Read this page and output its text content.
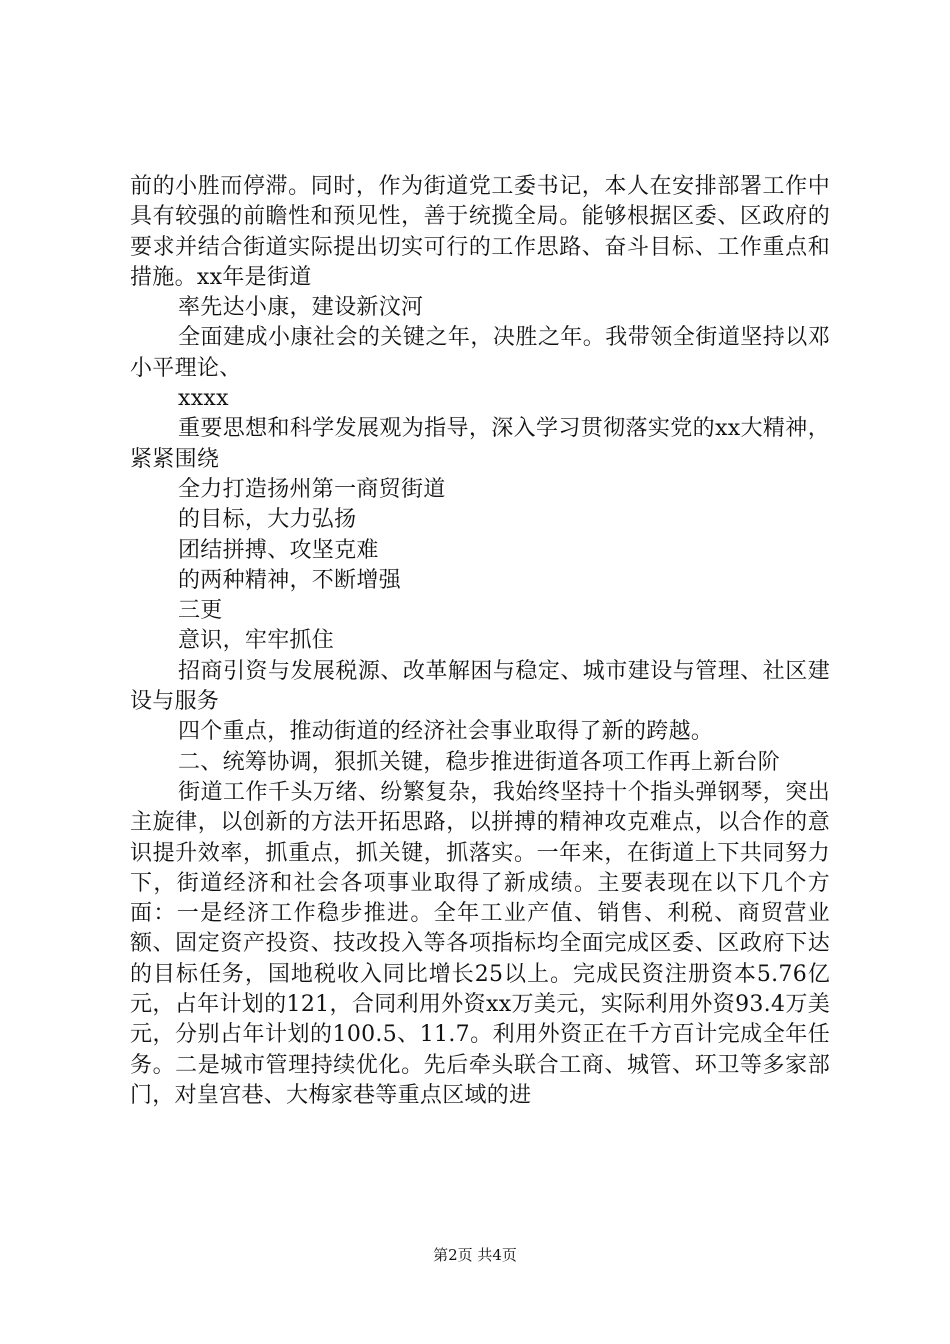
前的小胜而停滞。同时，作为街道党工委书记，本人在安排部署工作中具有较强的前瞻性和预见性，善于统揽全局。能够根据区委、区政府的要求并结合街道实际提出切实可行的工作思路、奋斗目标、工作重点和措施。xx年是街道

率先达小康，建设新汶河

全面建成小康社会的关键之年，决胜之年。我带领全街道坚持以邓小平理论、

xxxx

重要思想和科学发展观为指导，深入学习贯彻落实党的xx大精神，紧紧围绕

全力打造扬州第一商贸街道

的目标，大力弘扬

团结拼搏、攻坚克难

的两种精神，不断增强

三更

意识，牢牢抓住

招商引资与发展税源、改革解困与稳定、城市建设与管理、社区建设与服务

四个重点，推动街道的经济社会事业取得了新的跨越。

二、统筹协调，狠抓关键，稳步推进街道各项工作再上新台阶

街道工作千头万绪、纷繁复杂，我始终坚持十个指头弹钢琴，突出主旋律，以创新的方法开拓思路，以拼搏的精神攻克难点，以合作的意识提升效率，抓重点，抓关键，抓落实。一年来，在街道上下共同努力下，街道经济和社会各项事业取得了新成绩。主要表现在以下几个方面：一是经济工作稳步推进。全年工业产值、销售、利税、商贸营业额、固定资产投资、技改投入等各项指标均全面完成区委、区政府下达的目标任务，国地税收入同比增长25以上。完成民资注册资本5.76亿元，占年计划的121，合同利用外资xx万美元，实际利用外资93.4万美元，分别占年计划的100.5、11.7。利用外资正在千方百计完成全年任务。二是城市管理持续优化。先后牵头联合工商、城管、环卫等多家部门，对皇宫巷、大梅家巷等重点区域的进

第2页 共4页
